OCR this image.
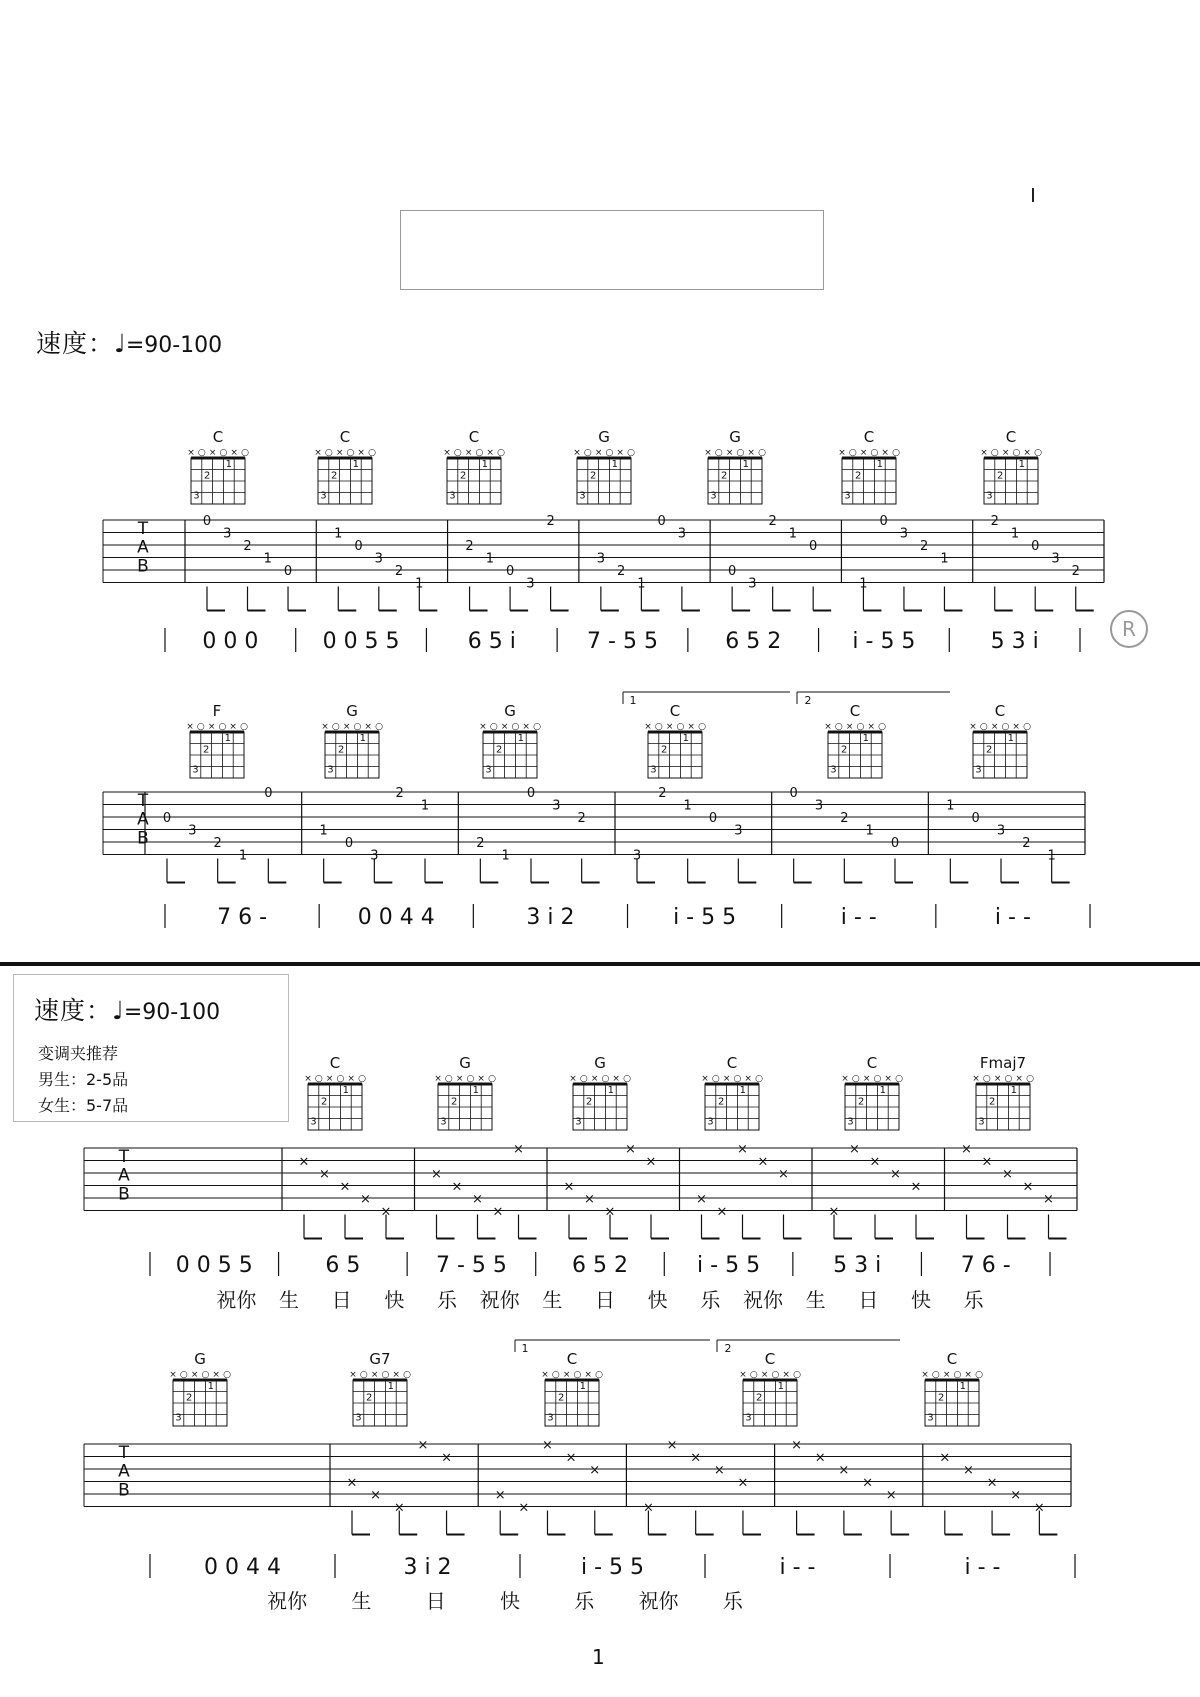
速度：♩=90-100
速度：♩=90-100
变调夹推荐
男生：2-5品
女生：5-7品
R
1
C
× ○ × ○ × ○
2
3
1
C
× ○ × ○ × ○
2
3
1
C
× ○ × ○ × ○
2
3
1
G
× ○ × ○ × ○
2
3
1
G
× ○ × ○ × ○
2
3
1
C
× ○ × ○ × ○
2
3
1
C
× ○ × ○ × ○
2
3
1
T
A
B
0
3
2
1
0
1
0
3
2
1
2
1
0
3
2
3
2
1
0
3
0
3
2
1
0
1
0
3
2
1
2
1
0
3
2
0 0 0	0 0 5 5	6 5 i	7 - 5 5	6 5 2	i - 5 5	5 3 i
F
× ○ × ○ × ○
2
3
1
G
× ○ × ○ × ○
2
3
1
G
× ○ × ○ × ○
2
3
1
C
× ○ × ○ × ○
2
3
1
C
× ○ × ○ × ○
2
3
1
C
× ○ × ○ × ○
2
3
1
T
A
B
0
3
2
1
0
1
0
3
2
1
2
1
0
3
2
3
2
1
0
3
0
3
2
1
0
1
0
3
2
1
7 6 -	0 0 4 4	3 i 2	i - 5 5	i - -	i - -
1	2
C
× ○ × ○ × ○
2
3
1
G
× ○ × ○ × ○
2
3
1
G
× ○ × ○ × ○
2
3
1
C
× ○ × ○ × ○
2
3
1
C
× ○ × ○ × ○
2
3
1
Fmaj7
× ○ × ○ × ○
2
3
1
T
A
B
×
×
×
×
×
×
×
×
×
×
×
×
×
×
×
×
×
×
×
×
×
×
×
×
×
×
×
×
×
×
0 0 5 5	6 5	7 - 5 5	6 5 2	i - 5 5	5 3 i	7 6 -
祝你 生 日 快 乐 祝你 生 日 快 乐 祝你 生 日 快 乐
G
× ○ × ○ × ○
2
3
1
G7
× ○ × ○ × ○
2
3
1
C
× ○ × ○ × ○
2
3
1
C
× ○ × ○ × ○
2
3
1
C
× ○ × ○ × ○
2
3
1
T
A
B	×
×
×
×
×
×
×
×
×
×
×
×
×
×
×
×
×
×
×
×
×
×
×
×
×
0 0 4 4	3 i 2	i - 5 5	i - -	i - -
祝你 生	日	快	乐 祝你 乐
1	2
